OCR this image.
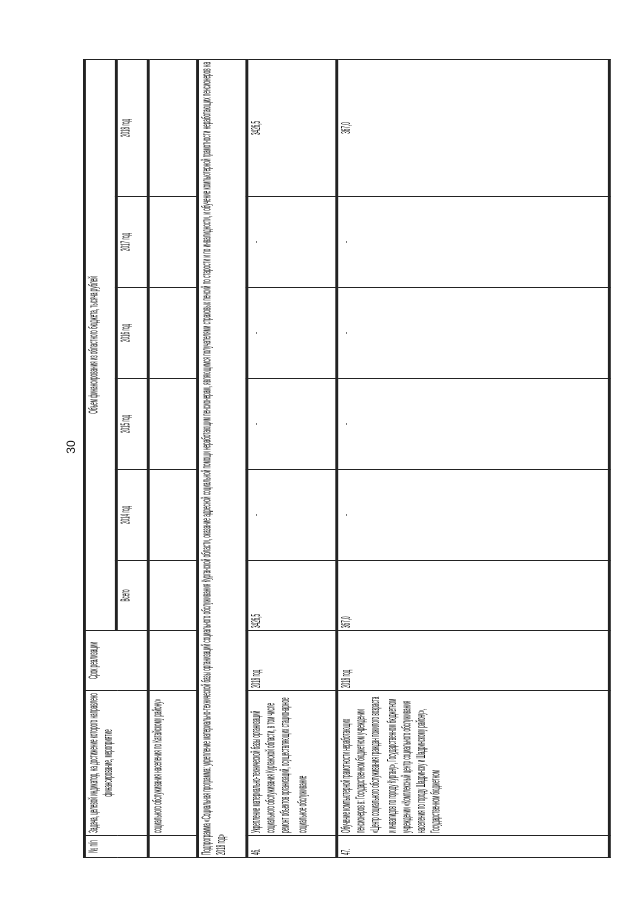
30
№ п/п	Задача, целевой индикатор, на достижение которого направлено финансирование, мероприятие	Срок реализации	Объем финансирования из областного бюджета, тысяча рублей					
			Всего	2014 год	2015 год	2016 год	2017 год	2018 год
	социального обслуживания населения по Катайскому району»							
Подпрограмма «Социальная программа: укрепление материально-технической базы организаций социального обслуживания Курганской области, оказание адресной социальной помощи неработающим пенсионерам, являющимся получателями страховых пенсий по старости и по инвалидности, и обучение компьютерной грамотности неработающих пенсионеров на 2018 год»								
46.	Укрепление материально-технической базы организаций социального обслуживания Курганской области, в том числе ремонт объектов организаций, осуществляющих стационарное социальное обслуживание	2018 год	3426,5	-	-	-	-	3426,5
47.	Обучение компьютерной грамотности неработающих пенсионеров в: Государственном бюджетном учреждении «Центр социального обслуживания граждан пожилого возраста и инвалидов по городу Кургану», Государственном бюджетном учреждении «Комплексный центр социального обслуживания населения по городу Шадринску и Шадринскому району», Государственном бюджетном	2018 год	367,0	-	-	-	-	367,0
